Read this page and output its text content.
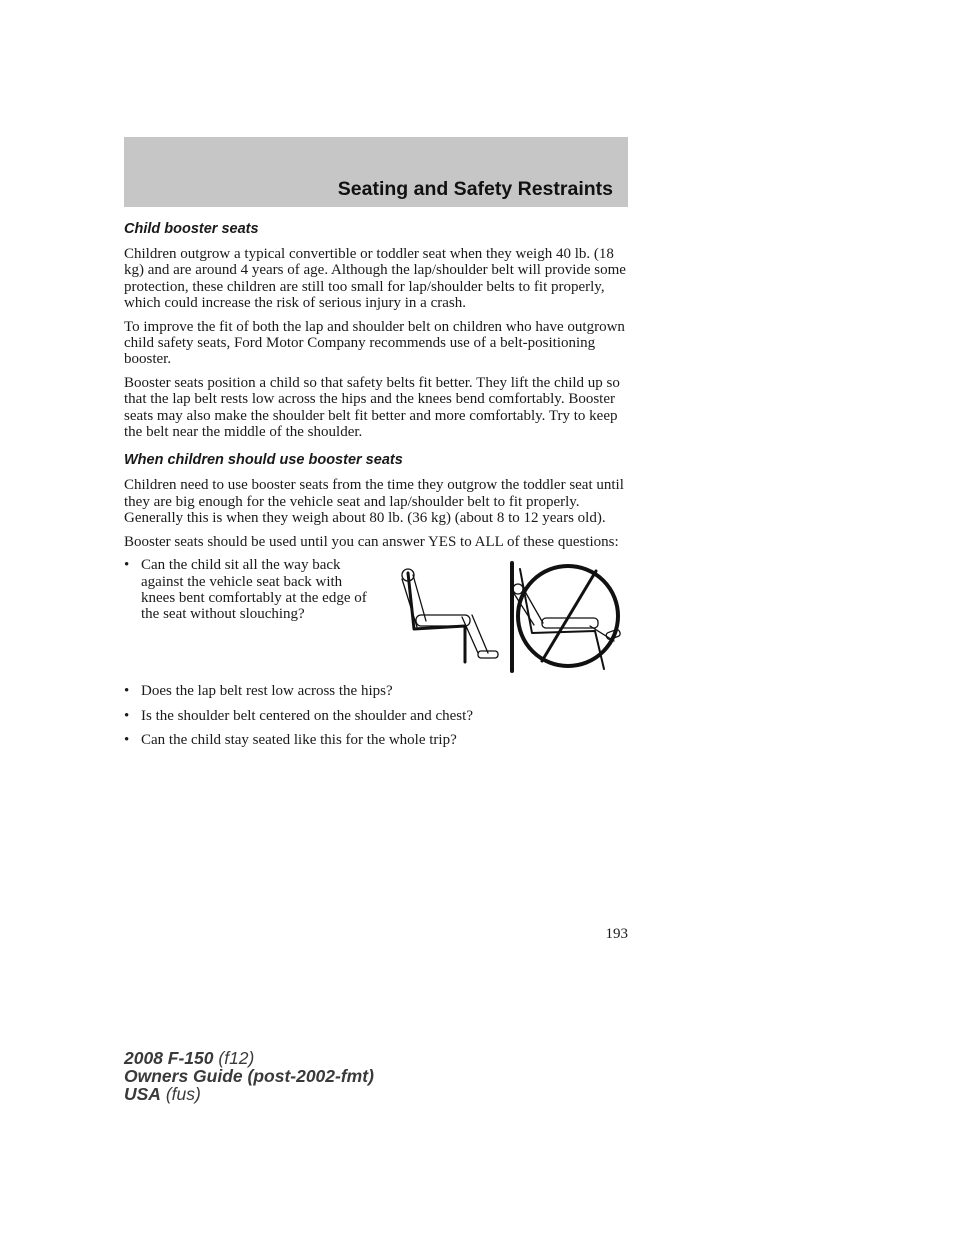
Seating and Safety Restraints
Child booster seats

Children outgrow a typical convertible or toddler seat when they weigh 40 lb. (18 kg) and are around 4 years of age. Although the lap/shoulder belt will provide some protection, these children are still too small for lap/shoulder belts to fit properly, which could increase the risk of serious injury in a crash.

To improve the fit of both the lap and shoulder belt on children who have outgrown child safety seats, Ford Motor Company recommends use of a belt-positioning booster.

Booster seats position a child so that safety belts fit better. They lift the child up so that the lap belt rests low across the hips and the knees bend comfortably. Booster seats may also make the shoulder belt fit better and more comfortably. Try to keep the belt near the middle of the shoulder.

When children should use booster seats

Children need to use booster seats from the time they outgrow the toddler seat until they are big enough for the vehicle seat and lap/shoulder belt to fit properly. Generally this is when they weigh about 80 lb. (36 kg) (about 8 to 12 years old).

Booster seats should be used until you can answer YES to ALL of these questions:

• Can the child sit all the way back against the vehicle seat back with knees bent comfortably at the edge of the seat without slouching?
• Does the lap belt rest low across the hips?
• Is the shoulder belt centered on the shoulder and chest?
• Can the child stay seated like this for the whole trip?
193
2008 F-150 (f12)
Owners Guide (post-2002-fmt)
USA (fus)
